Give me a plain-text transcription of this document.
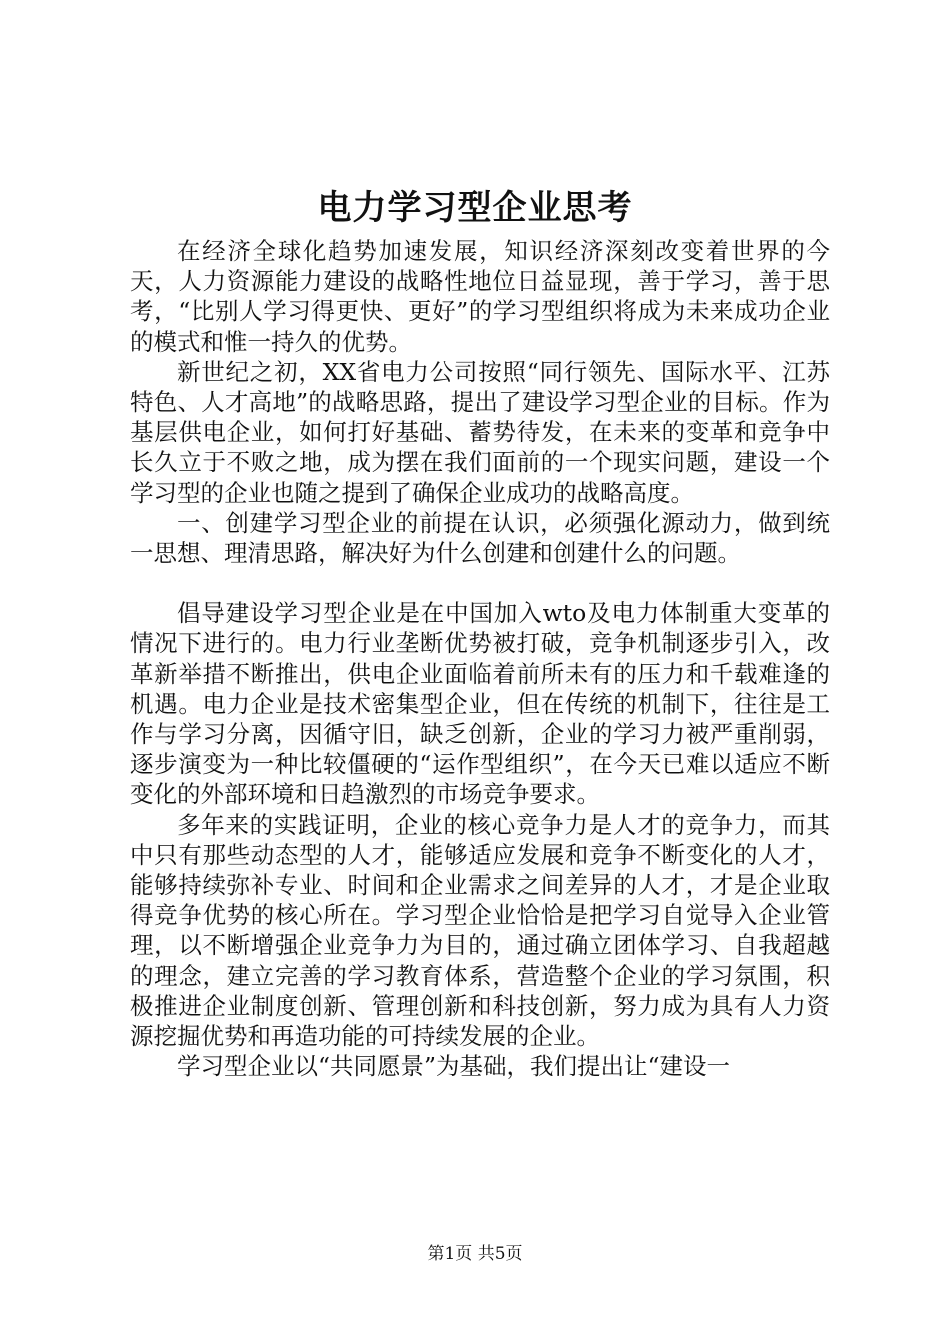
电力学习型企业思考

在经济全球化趋势加速发展，知识经济深刻改变着世界的今天，人力资源能力建设的战略性地位日益显现，善于学习，善于思考，“比别人学习得更快、更好”的学习型组织将成为未来成功企业的模式和惟一持久的优势。

新世纪之初，XX省电力公司按照“同行领先、国际水平、江苏特色、人才高地”的战略思路，提出了建设学习型企业的目标。作为基层供电企业，如何打好基础、蓄势待发，在未来的变革和竞争中长久立于不败之地，成为摆在我们面前的一个现实问题，建设一个学习型的企业也随之提到了确保企业成功的战略高度。

一、创建学习型企业的前提在认识，必须强化源动力，做到统一思想、理清思路，解决好为什么创建和创建什么的问题。

倡导建设学习型企业是在中国加入wto及电力体制重大变革的情况下进行的。电力行业垄断优势被打破，竞争机制逐步引入，改革新举措不断推出，供电企业面临着前所未有的压力和千载难逢的机遇。电力企业是技术密集型企业，但在传统的机制下，往往是工作与学习分离，因循守旧，缺乏创新，企业的学习力被严重削弱，逐步演变为一种比较僵硬的“运作型组织”，在今天已难以适应不断变化的外部环境和日趋激烈的市场竞争要求。

多年来的实践证明，企业的核心竞争力是人才的竞争力，而其中只有那些动态型的人才，能够适应发展和竞争不断变化的人才，能够持续弥补专业、时间和企业需求之间差异的人才，才是企业取得竞争优势的核心所在。学习型企业恰恰是把学习自觉导入企业管理，以不断增强企业竞争力为目的，通过确立团体学习、自我超越的理念，建立完善的学习教育体系，营造整个企业的学习氛围，积极推进企业制度创新、管理创新和科技创新，努力成为具有人力资源挖掘优势和再造功能的可持续发展的企业。

学习型企业以“共同愿景”为基础，我们提出让“建设一

第1页 共5页
